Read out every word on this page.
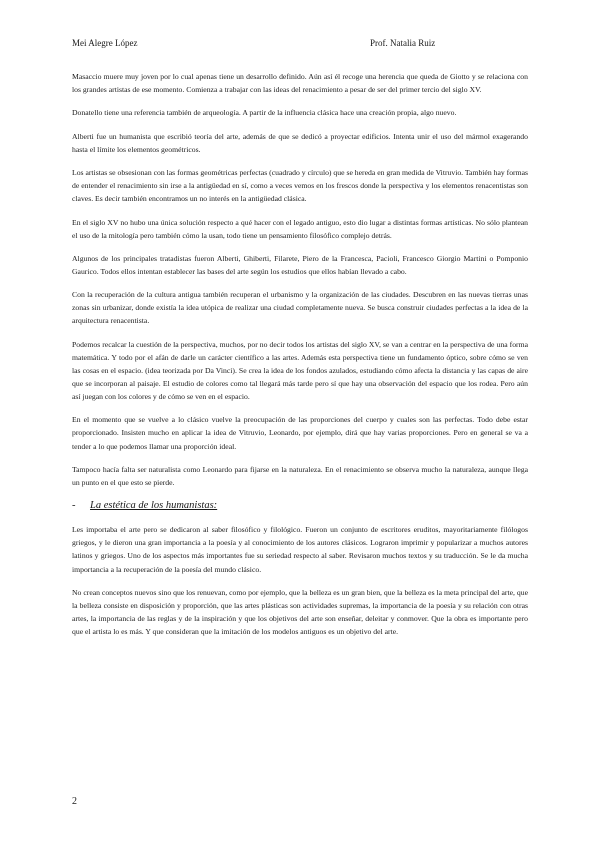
Mei Alegre López	Prof. Natalia Ruiz

Masaccio muere muy joven por lo cual apenas tiene un desarrollo definido. Aún así él recoge una herencia que queda de Giotto y se relaciona con los grandes artistas de ese momento. Comienza a trabajar con las ideas del renacimiento a pesar de ser del primer tercio del siglo XV.

Donatello tiene una referencia también de arqueología. A partir de la influencia clásica hace una creación propia, algo nuevo.

Alberti fue un humanista que escribió teoría del arte, además de que se dedicó a proyectar edificios. Intenta unir el uso del mármol exagerando hasta el límite los elementos geométricos.

Los artistas se obsesionan con las formas geométricas perfectas (cuadrado y círculo) que se hereda en gran medida de Vitruvio. También hay formas de entender el renacimiento sin irse a la antigüedad en sí, como a veces vemos en los frescos donde la perspectiva y los elementos renacentistas son claves. Es decir también encontramos un no interés en la antigüedad clásica.

En el siglo XV no hubo una única solución respecto a qué hacer con el legado antiguo, esto dio lugar a distintas formas artísticas. No sólo plantean el uso de la mitología pero también cómo la usan, todo tiene un pensamiento filosófico complejo detrás.

Algunos de los principales tratadistas fueron Alberti, Ghiberti, Filarete, Piero de la Francesca, Pacioli, Francesco Giorgio Martini o Pomponio Gaurico. Todos ellos intentan establecer las bases del arte según los estudios que ellos habían llevado a cabo.

Con la recuperación de la cultura antigua también recuperan el urbanismo y la organización de las ciudades. Descubren en las nuevas tierras unas zonas sin urbanizar, donde existía la idea utópica de realizar una ciudad completamente nueva. Se busca construir ciudades perfectas a la idea de la arquitectura renacentista.

Podemos recalcar la cuestión de la perspectiva, muchos, por no decir todos los artistas del siglo XV, se van a centrar en la perspectiva de una forma matemática. Y todo por el afán de darle un carácter científico a las artes. Además esta perspectiva tiene un fundamento óptico, sobre cómo se ven las cosas en el espacio. (idea teorizada por Da Vinci). Se crea la idea de los fondos azulados, estudiando cómo afecta la distancia y las capas de aire que se incorporan al paisaje. El estudio de colores como tal llegará más tarde pero sí que hay una observación del espacio que los rodea. Pero aún así juegan con los colores y de cómo se ven en el espacio.

En el momento que se vuelve a lo clásico vuelve la preocupación de las proporciones del cuerpo y cuales son las perfectas. Todo debe estar proporcionado. Insisten mucho en aplicar la idea de Vitruvio, Leonardo, por ejemplo, dirá que hay varias proporciones. Pero en general se va a tender a lo que podemos llamar una proporción ideal.

Tampoco hacía falta ser naturalista como Leonardo para fijarse en la naturaleza. En el renacimiento se observa mucho la naturaleza, aunque llega un punto en el que esto se pierde.

- La estética de los humanistas:

Les importaba el arte pero se dedicaron al saber filosófico y filológico. Fueron un conjunto de escritores eruditos, mayoritariamente filólogos griegos, y le dieron una gran importancia a la poesía y al conocimiento de los autores clásicos. Lograron imprimir y popularizar a muchos autores latinos y griegos. Uno de los aspectos más importantes fue su seriedad respecto al saber. Revisaron muchos textos y su traducción. Se le da mucha importancia a la recuperación de la poesía del mundo clásico.

No crean conceptos nuevos sino que los renuevan, como por ejemplo, que la belleza es un gran bien, que la belleza es la meta principal del arte, que la belleza consiste en disposición y proporción, que las artes plásticas son actividades supremas, la importancia de la poesía y su relación con otras artes, la importancia de las reglas y de la inspiración y que los objetivos del arte son enseñar, deleitar y conmover. Que la obra es importante pero que el artista lo es más. Y que consideran que la imitación de los modelos antiguos es un objetivo del arte.

2
